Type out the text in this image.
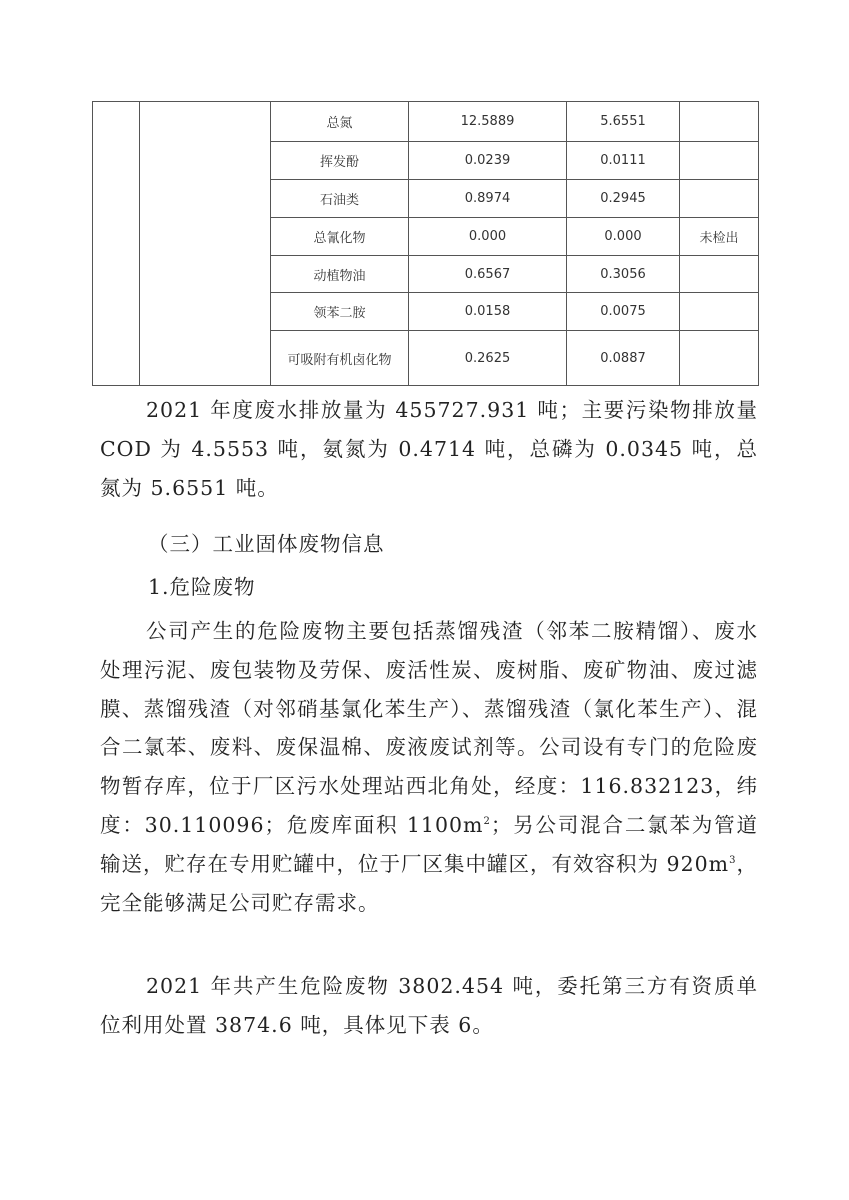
		总氮	12.5889	5.6551	
		挥发酚	0.0239	0.0111	
		石油类	0.8974	0.2945	
		总氰化物	0.000	0.000	未检出
		动植物油	0.6567	0.3056	
		领苯二胺	0.0158	0.0075	
		可吸附有机卤化物	0.2625	0.0887	

2021 年度废水排放量为 455727.931 吨；主要污染物排放量COD 为 4.5553 吨，氨氮为 0.4714 吨，总磷为 0.0345 吨，总氮为 5.6551 吨。

（三）工业固体废物信息

1.危险废物

公司产生的危险废物主要包括蒸馏残渣（邻苯二胺精馏）、废水处理污泥、废包装物及劳保、废活性炭、废树脂、废矿物油、废过滤膜、蒸馏残渣（对邻硝基氯化苯生产）、蒸馏残渣（氯化苯生产）、混合二氯苯、废料、废保温棉、废液废试剂等。公司设有专门的危险废物暂存库，位于厂区污水处理站西北角处，经度：116.832123，纬度：30.110096；危废库面积 $1100m^2$；另公司混合二氯苯为管道输送，贮存在专用贮罐中，位于厂区集中罐区，有效容积为 $920m^3$，完全能够满足公司贮存需求。

2021 年共产生危险废物 3802.454 吨，委托第三方有资质单位利用处置 3874.6 吨，具体见下表 6。
